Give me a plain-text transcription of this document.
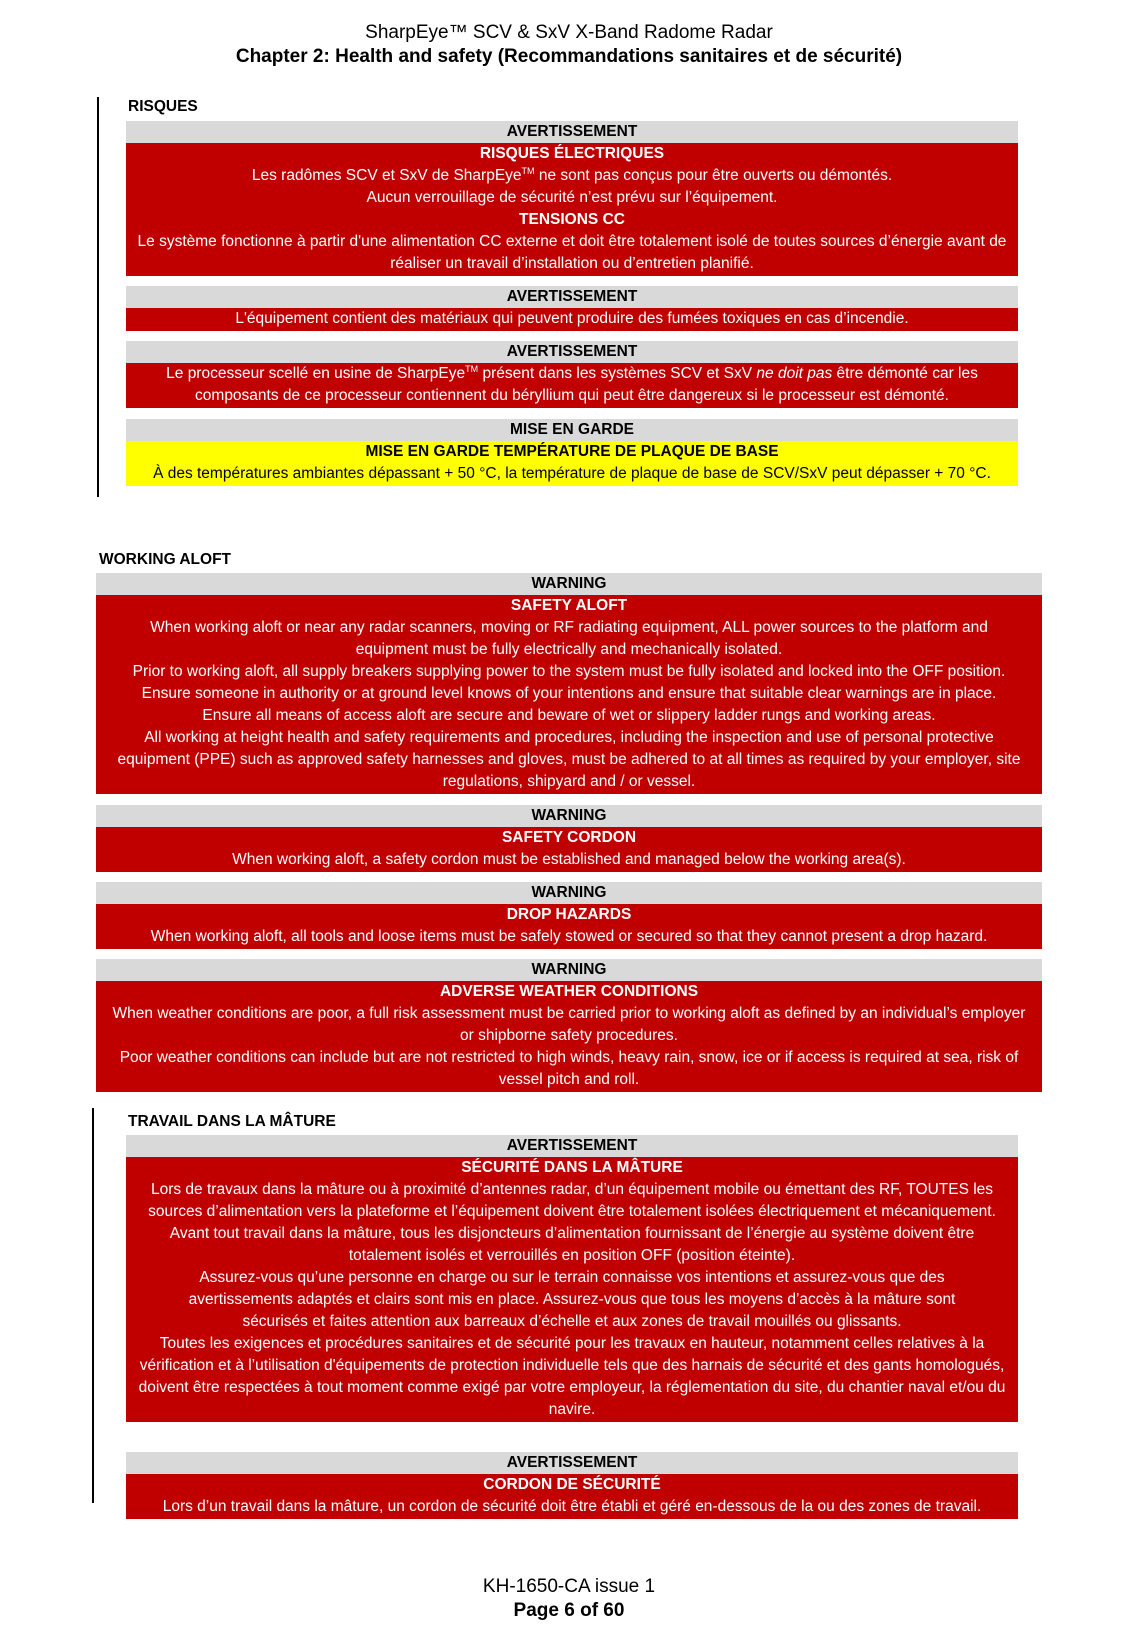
SharpEye™ SCV & SxV X-Band Radome Radar
Chapter 2: Health and safety (Recommandations sanitaires et de sécurité)
RISQUES
AVERTISSEMENT

RISQUES ÉLECTRIQUES

Les radômes SCV et SxV de SharpEye™ ne sont pas conçus pour être ouverts ou démontés.

Aucun verrouillage de sécurité n’est prévu sur l’équipement.

TENSIONS CC

Le système fonctionne à partir d'une alimentation CC externe et doit être totalement isolé de toutes sources d’énergie avant de réaliser un travail d’installation ou d’entretien planifié.

AVERTISSEMENT

L'équipement contient des matériaux qui peuvent produire des fumées toxiques en cas d’incendie.

AVERTISSEMENT

Le processeur scellé en usine de SharpEye™ présent dans les systèmes SCV et SxV ne doit pas être démonté car les composants de ce processeur contiennent du béryllium qui peut être dangereux si le processeur est démonté.

MISE EN GARDE

MISE EN GARDE TEMPÉRATURE DE PLAQUE DE BASE

À des températures ambiantes dépassant + 50 °C, la température de plaque de base de SCV/SxV peut dépasser + 70 °C.

WORKING ALOFT
WARNING

SAFETY ALOFT

When working aloft or near any radar scanners, moving or RF radiating equipment, ALL power sources to the platform and equipment must be fully electrically and mechanically isolated.

Prior to working aloft, all supply breakers supplying power to the system must be fully isolated and locked into the OFF position.

Ensure someone in authority or at ground level knows of your intentions and ensure that suitable clear warnings are in place.

Ensure all means of access aloft are secure and beware of wet or slippery ladder rungs and working areas.

All working at height health and safety requirements and procedures, including the inspection and use of personal protective equipment (PPE) such as approved safety harnesses and gloves, must be adhered to at all times as required by your employer, site regulations, shipyard and / or vessel.

WARNING

SAFETY CORDON

When working aloft, a safety cordon must be established and managed below the working area(s).

WARNING

DROP HAZARDS

When working aloft, all tools and loose items must be safely stowed or secured so that they cannot present a drop hazard.

WARNING

ADVERSE WEATHER CONDITIONS

When weather conditions are poor, a full risk assessment must be carried prior to working aloft as defined by an individual’s employer or shipborne safety procedures.

Poor weather conditions can include but are not restricted to high winds, heavy rain, snow, ice or if access is required at sea, risk of vessel pitch and roll.

TRAVAIL DANS LA MÂTURE
AVERTISSEMENT

SÉCURITÉ DANS LA MÂTURE

Lors de travaux dans la mâture ou à proximité d’antennes radar, d’un équipement mobile ou émettant des RF, TOUTES les sources d’alimentation vers la plateforme et l’équipement doivent être totalement isolées électriquement et mécaniquement.

Avant tout travail dans la mâture, tous les disjoncteurs d’alimentation fournissant de l’énergie au système doivent être totalement isolés et verrouillés en position OFF (position éteinte).

Assurez-vous qu’une personne en charge ou sur le terrain connaisse vos intentions et assurez-vous que des avertissements adaptés et clairs sont mis en place. Assurez-vous que tous les moyens d’accès à la mâture sont sécurisés et faites attention aux barreaux d’échelle et aux zones de travail mouillés ou glissants.

Toutes les exigences et procédures sanitaires et de sécurité pour les travaux en hauteur, notamment celles relatives à la vérification et à l’utilisation d'équipements de protection individuelle tels que des harnais de sécurité et des gants homologués, doivent être respectées à tout moment comme exigé par votre employeur, la réglementation du site, du chantier naval et/ou du navire.

AVERTISSEMENT

CORDON DE SÉCURITÉ

Lors d’un travail dans la mâture, un cordon de sécurité doit être établi et géré en-dessous de la ou des zones de travail.

KH-1650-CA issue 1
Page 6 of 60
